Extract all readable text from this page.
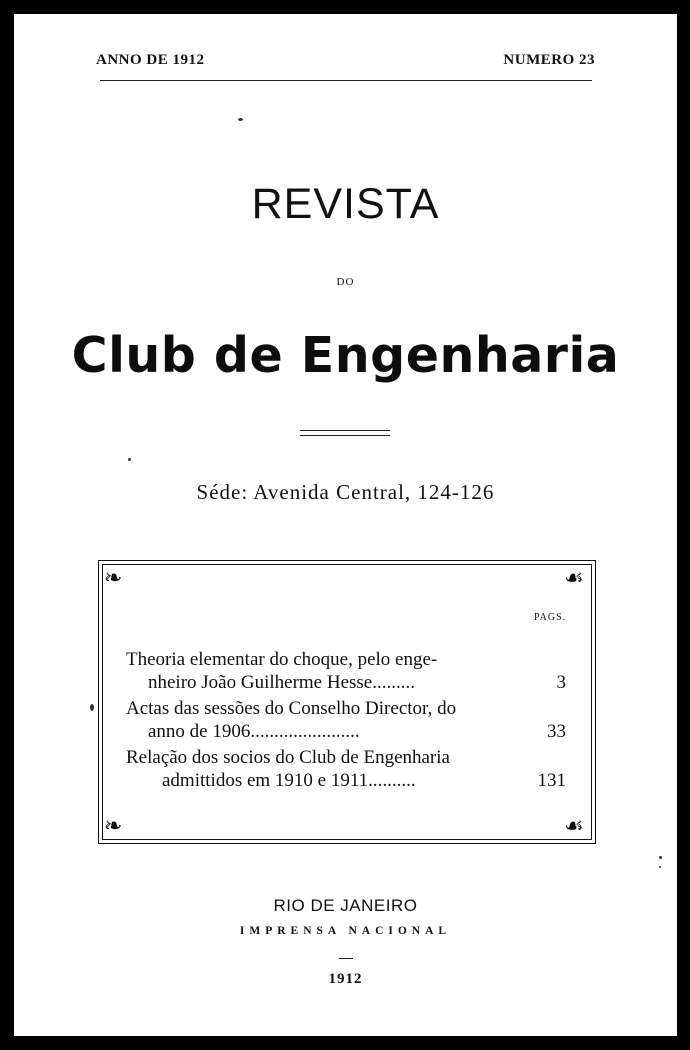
ANNO DE 1912	NUMERO 23
REVISTA
DO
Club de Engenharia
Séde: Avenida Central, 124-126
❧	☙
❧	☙
PAGS.
Theoria elementar do choque, pelo enge-
nheiro João Guilherme Hesse.........	3
Actas das sessões do Conselho Director, do
anno de 1906.......................	33
Relação dos socios do Club de Engenharia
admittidos em 1910 e 1911..........	131
RIO DE JANEIRO
IMPRENSA NACIONAL
1912
